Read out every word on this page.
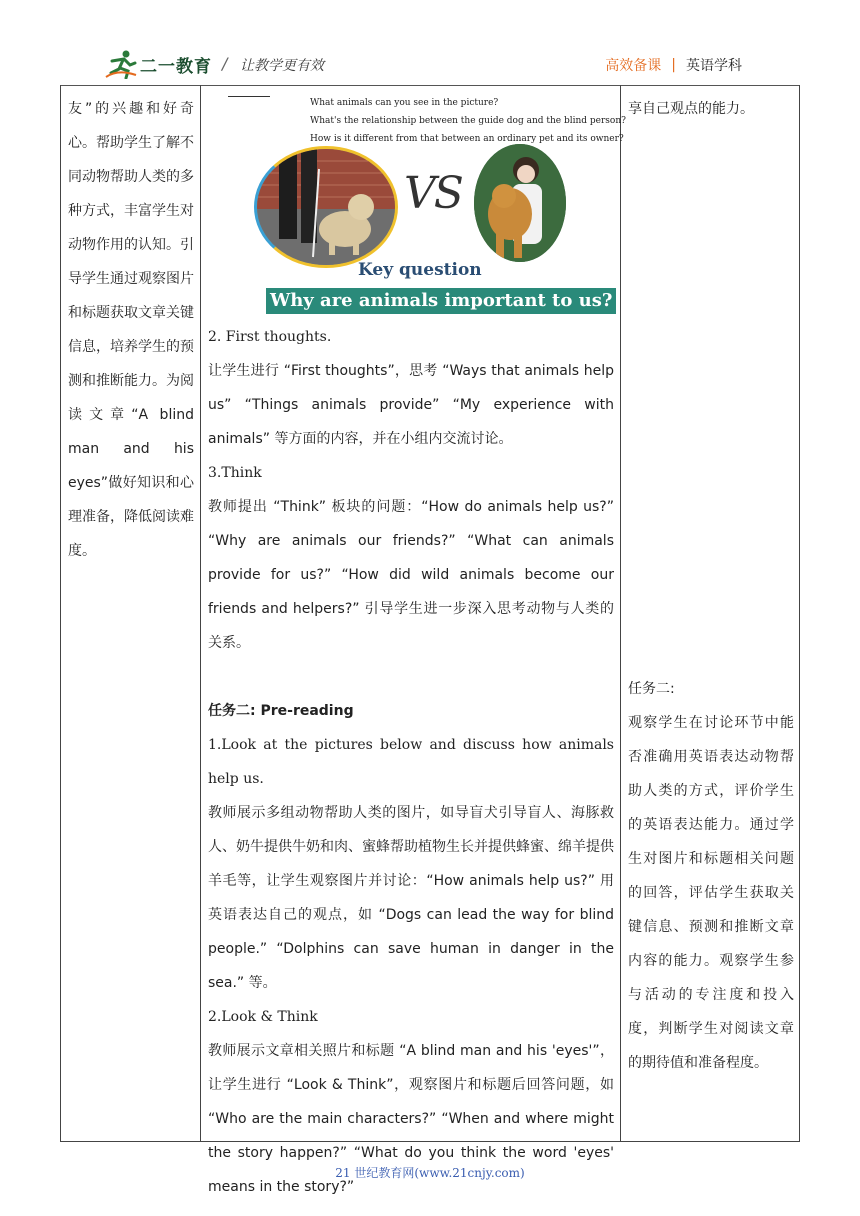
二一教育 / 让教学更有效	高效备课 | 英语学科

友”的兴趣和好奇心。帮助学生了解不同动物帮助人类的多种方式，丰富学生对动物作用的认知。引导学生通过观察图片和标题获取文章关键信息，培养学生的预测和推断能力。为阅读文章“A blind man and his eyes”做好知识和心理准备，降低阅读难度。

What animals can you see in the picture?
What's the relationship between the guide dog and the blind person?
How is it different from that between an ordinary pet and its owner?
VS
Key question
Why are animals important to us?

2. First thoughts.

让学生进行 “First thoughts”，思考 “Ways that animals help us” “Things animals provide” “My experience with animals” 等方面的内容，并在小组内交流讨论。

3.Think

教师提出 “Think” 板块的问题：“How do animals help us?” “Why are animals our friends?” “What can animals provide for us?” “How did wild animals become our friends and helpers?” 引导学生进一步深入思考动物与人类的关系。

任务二: Pre-reading

1.Look at the pictures below and discuss how animals help us.

教师展示多组动物帮助人类的图片，如导盲犬引导盲人、海豚救人、奶牛提供牛奶和肉、蜜蜂帮助植物生长并提供蜂蜜、绵羊提供羊毛等，让学生观察图片并讨论：“How animals help us?” 用英语表达自己的观点，如 “Dogs can lead the way for blind people.” “Dolphins can save human in danger in the sea.” 等。

2.Look & Think

教师展示文章相关照片和标题 “A blind man and his 'eyes'”，让学生进行 “Look & Think”，观察图片和标题后回答问题，如 “Who are the main characters?” “When and where might the story happen?” “What do you think the word 'eyes' means in the story?”

享自己观点的能力。

任务二:

观察学生在讨论环节中能否准确用英语表达动物帮助人类的方式，评价学生的英语表达能力。通过学生对图片和标题相关问题的回答，评估学生获取关键信息、预测和推断文章内容的能力。观察学生参与活动的专注度和投入度，判断学生对阅读文章的期待值和准备程度。

21 世纪教育网(www.21cnjy.com)
